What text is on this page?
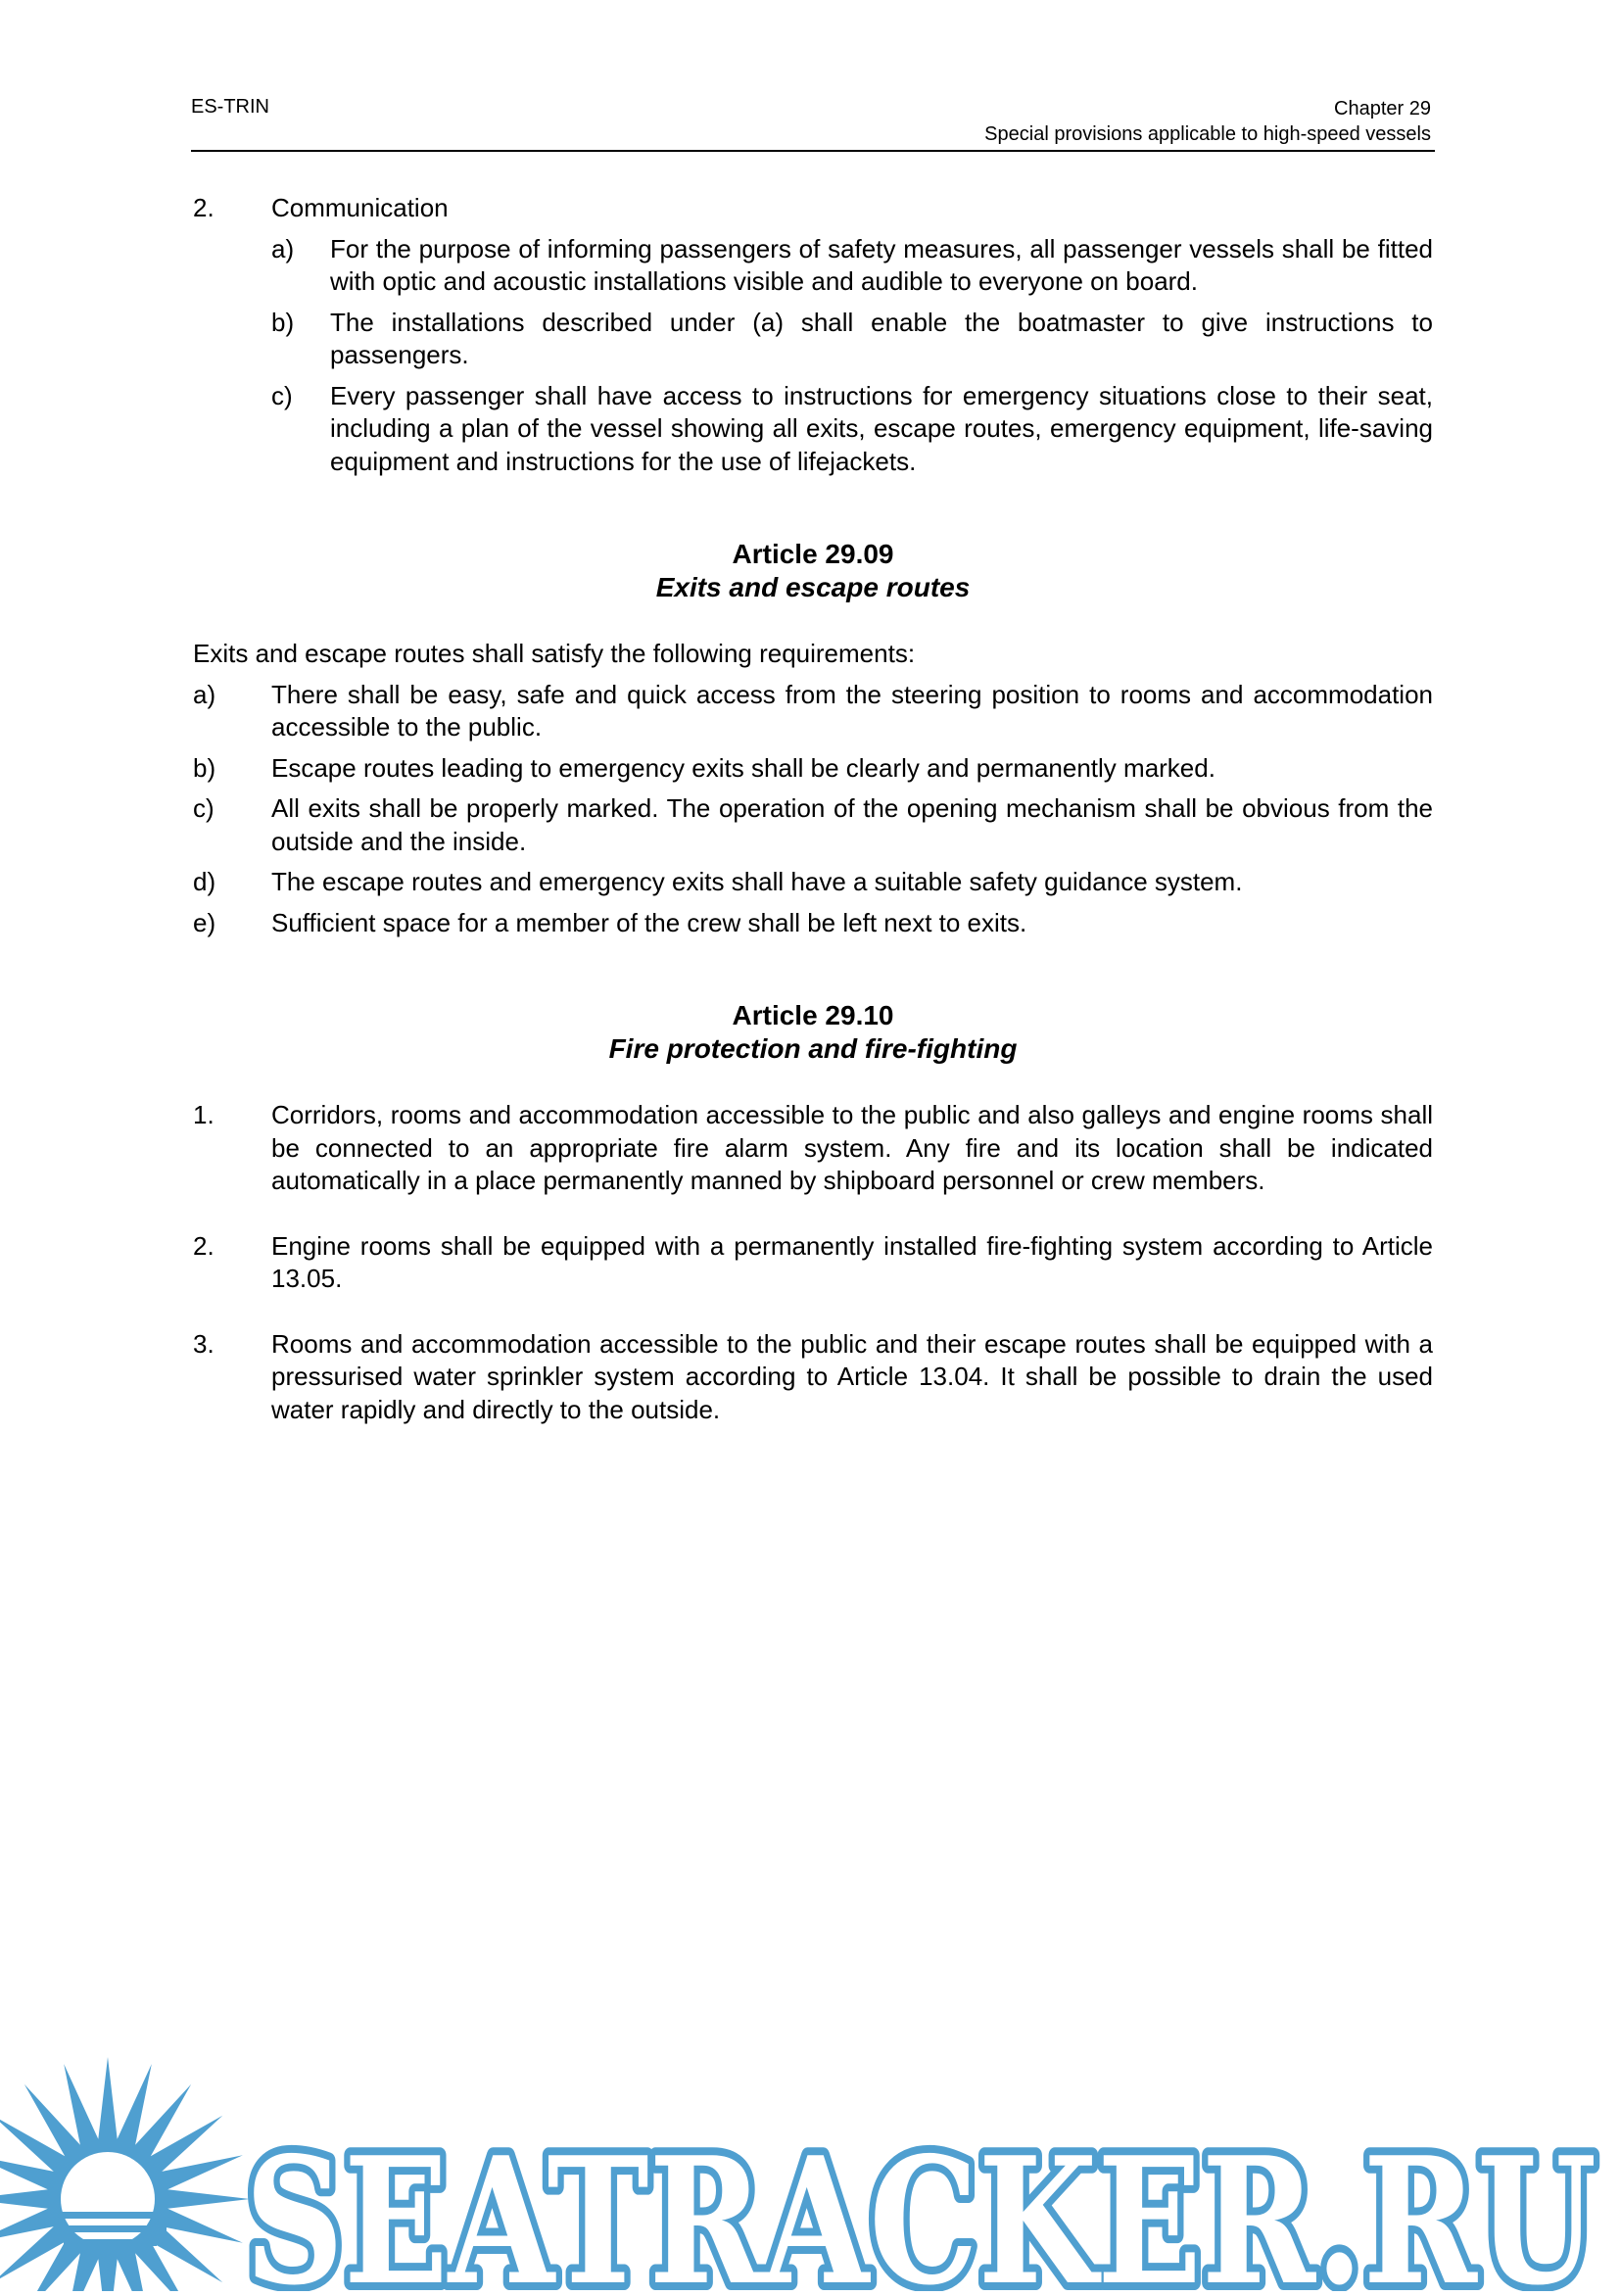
ES-TRIN	Chapter 29
Special provisions applicable to high-speed vessels
2. Communication
a) For the purpose of informing passengers of safety measures, all passenger vessels shall be fitted with optic and acoustic installations visible and audible to everyone on board.
b) The installations described under (a) shall enable the boatmaster to give instructions to passengers.
c) Every passenger shall have access to instructions for emergency situations close to their seat, including a plan of the vessel showing all exits, escape routes, emergency equipment, life-saving equipment and instructions for the use of lifejackets.
Article 29.09
Exits and escape routes
Exits and escape routes shall satisfy the following requirements:
a) There shall be easy, safe and quick access from the steering position to rooms and accommodation accessible to the public.
b) Escape routes leading to emergency exits shall be clearly and permanently marked.
c) All exits shall be properly marked. The operation of the opening mechanism shall be obvious from the outside and the inside.
d) The escape routes and emergency exits shall have a suitable safety guidance system.
e) Sufficient space for a member of the crew shall be left next to exits.
Article 29.10
Fire protection and fire-fighting
1. Corridors, rooms and accommodation accessible to the public and also galleys and engine rooms shall be connected to an appropriate fire alarm system. Any fire and its location shall be indicated automatically in a place permanently manned by shipboard personnel or crew members.
2. Engine rooms shall be equipped with a permanently installed fire-fighting system according to Article 13.05.
3. Rooms and accommodation accessible to the public and their escape routes shall be equipped with a pressurised water sprinkler system according to Article 13.04. It shall be possible to drain the used water rapidly and directly to the outside.
SEATRACKER.RU
